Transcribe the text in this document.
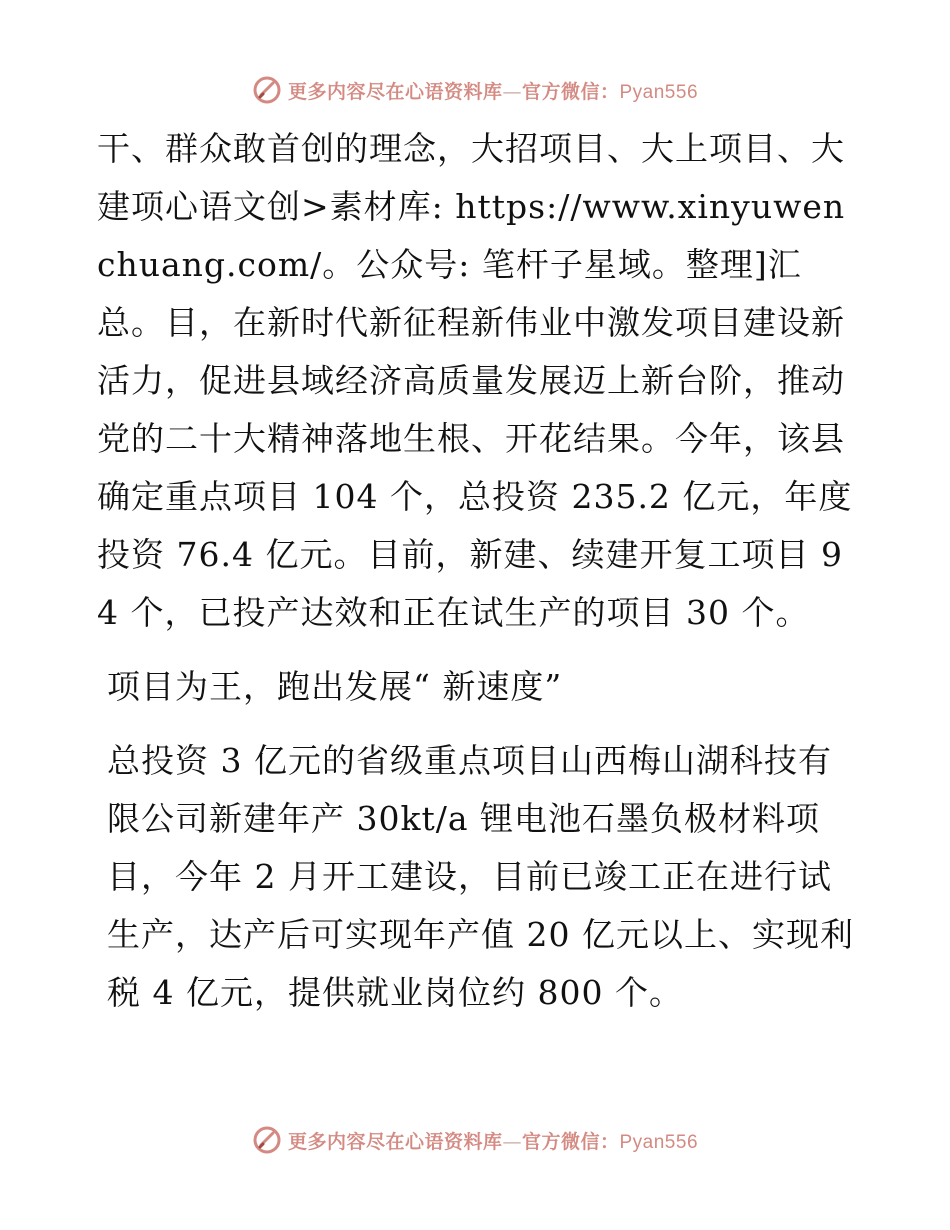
更多内容尽在心语资料库—官方微信：Pyan556

干、群众敢首创的理念，大招项目、大上项目、大建项心语文创>素材库: https://www.xinyuwenchuang.com/。公众号: 笔杆子星域。整理]汇总。目，在新时代新征程新伟业中激发项目建设新活力，促进县域经济高质量发展迈上新台阶，推动党的二十大精神落地生根、开花结果。今年，该县确定重点项目 104 个，总投资 235.2 亿元，年度投资 76.4 亿元。目前，新建、续建开复工项目 94 个，已投产达效和正在试生产的项目 30 个。

项目为王，跑出发展“ 新速度”

总投资 3 亿元的省级重点项目山西梅山湖科技有限公司新建年产 30kt/a 锂电池石墨负极材料项目，今年 2 月开工建设，目前已竣工正在进行试生产，达产后可实现年产值 20 亿元以上、实现利税 4 亿元，提供就业岗位约 800 个。

更多内容尽在心语资料库—官方微信：Pyan556
